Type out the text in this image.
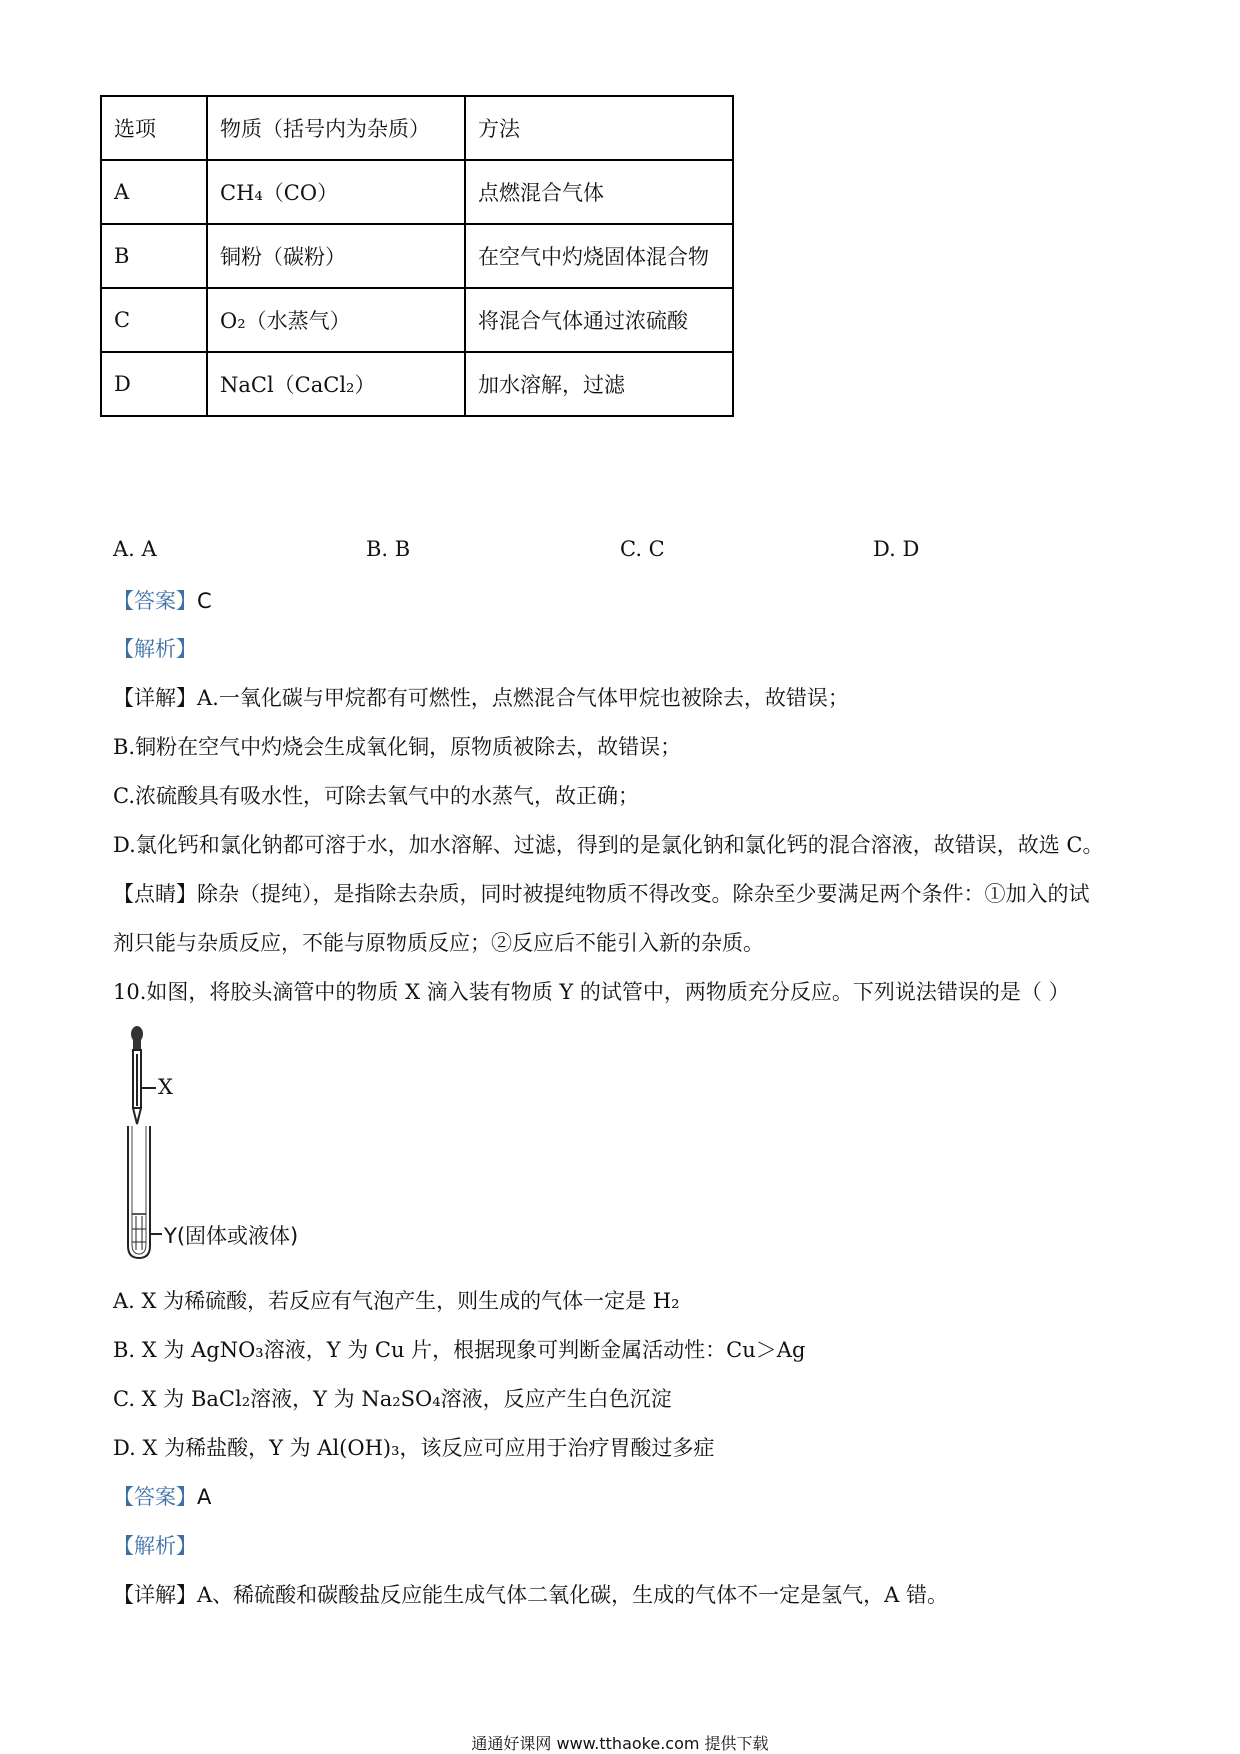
选项	物质（括号内为杂质）	方法
A	CH₄（CO）	点燃混合气体
B	铜粉（碳粉）	在空气中灼烧固体混合物
C	O₂（水蒸气）	将混合气体通过浓硫酸
D	NaCl（CaCl₂）	加水溶解，过滤
A. A	B. B	C. C	D. D
【答案】C
【解析】
【详解】A.一氧化碳与甲烷都有可燃性，点燃混合气体甲烷也被除去，故错误；
B.铜粉在空气中灼烧会生成氧化铜，原物质被除去，故错误；
C.浓硫酸具有吸水性，可除去氧气中的水蒸气，故正确；
D.氯化钙和氯化钠都可溶于水，加水溶解、过滤，得到的是氯化钠和氯化钙的混合溶液，故错误，故选 C。
【点睛】除杂（提纯），是指除去杂质，同时被提纯物质不得改变。除杂至少要满足两个条件：①加入的试
剂只能与杂质反应，不能与原物质反应；②反应后不能引入新的杂质。
10.如图，将胶头滴管中的物质 X 滴入装有物质 Y 的试管中，两物质充分反应。下列说法错误的是（ ）
X
Y(固体或液体)
A. X 为稀硫酸，若反应有气泡产生，则生成的气体一定是 H₂
B. X 为 AgNO₃溶液，Y 为 Cu 片，根据现象可判断金属活动性：Cu＞Ag
C. X 为 BaCl₂溶液，Y 为 Na₂SO₄溶液，反应产生白色沉淀
D. X 为稀盐酸，Y 为 Al(OH)₃，该反应可应用于治疗胃酸过多症
【答案】A
【解析】
【详解】A、稀硫酸和碳酸盐反应能生成气体二氧化碳，生成的气体不一定是氢气，A 错。
通通好课网 www.tthaoke.com 提供下载
